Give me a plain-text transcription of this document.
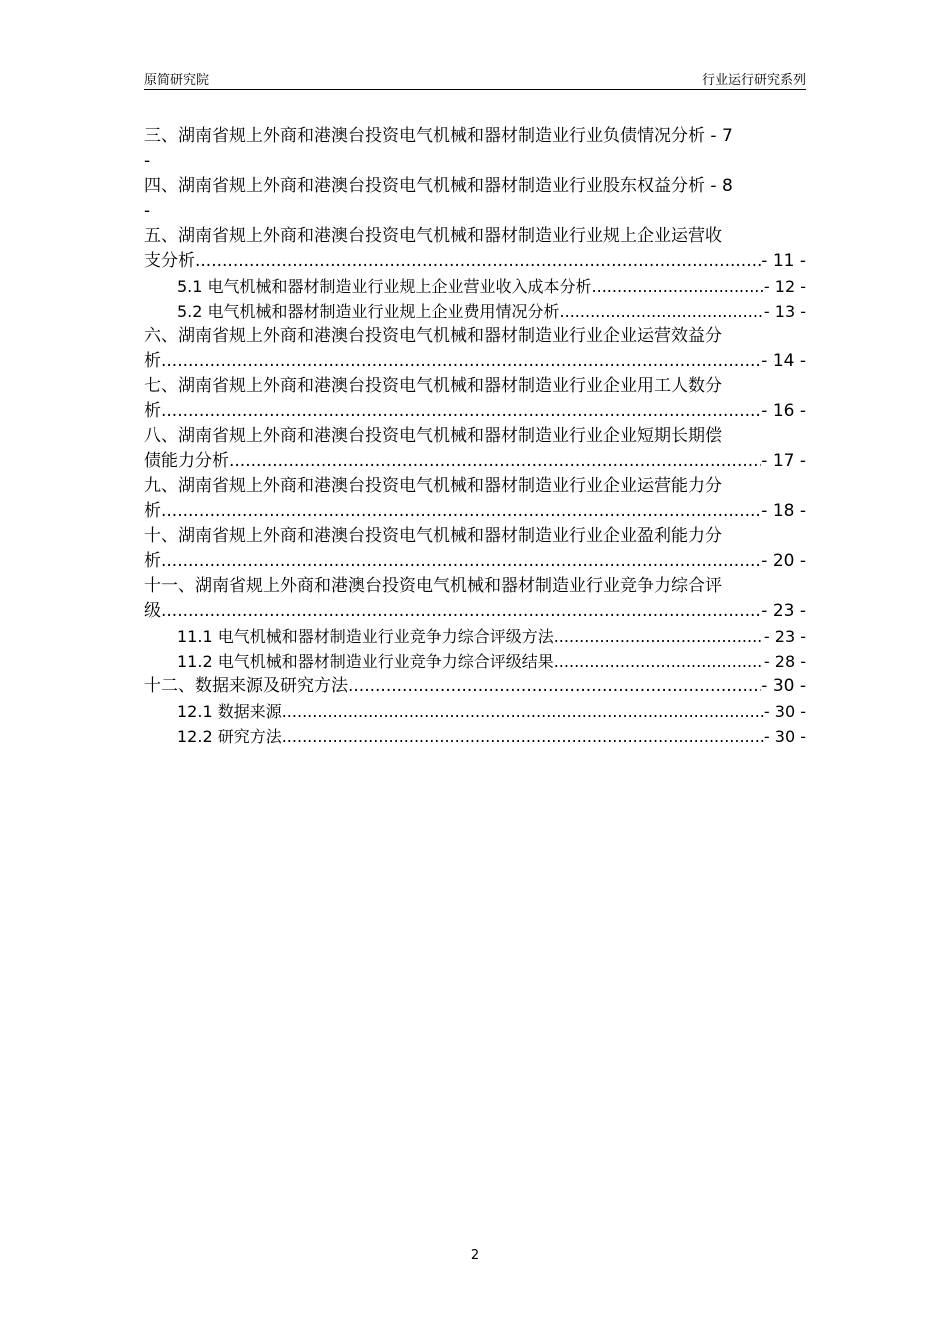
原简研究院	行业运行研究系列
三、湖南省规上外商和港澳台投资电气机械和器材制造业行业负债情况分析 - 7
-
四、湖南省规上外商和港澳台投资电气机械和器材制造业行业股东权益分析 - 8
-
五、湖南省规上外商和港澳台投资电气机械和器材制造业行业规上企业运营收
支分析 .....	- 11 -
5.1 电气机械和器材制造业行业规上企业营业收入成本分析 .....	- 12 -
5.2 电气机械和器材制造业行业规上企业费用情况分析 .....	- 13 -
六、湖南省规上外商和港澳台投资电气机械和器材制造业行业企业运营效益分
析 .....	- 14 -
七、湖南省规上外商和港澳台投资电气机械和器材制造业行业企业用工人数分
析 .....	- 16 -
八、湖南省规上外商和港澳台投资电气机械和器材制造业行业企业短期长期偿
债能力分析 .....	- 17 -
九、湖南省规上外商和港澳台投资电气机械和器材制造业行业企业运营能力分
析 .....	- 18 -
十、湖南省规上外商和港澳台投资电气机械和器材制造业行业企业盈利能力分
析 .....	- 20 -
十一、湖南省规上外商和港澳台投资电气机械和器材制造业行业竞争力综合评
级 .....	- 23 -
11.1 电气机械和器材制造业行业竞争力综合评级方法 .....	- 23 -
11.2 电气机械和器材制造业行业竞争力综合评级结果 .....	- 28 -
十二、数据来源及研究方法 .....	- 30 -
12.1 数据来源 .....	- 30 -
12.2 研究方法 .....	- 30 -
2
